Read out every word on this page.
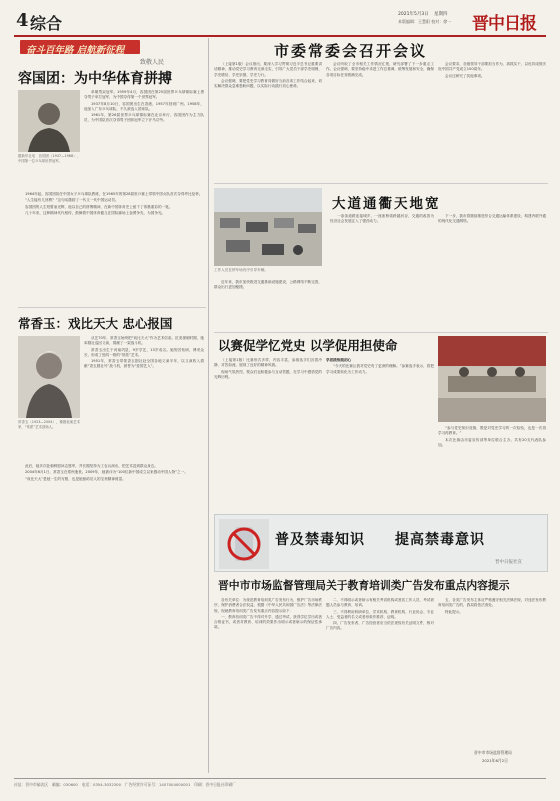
4 综合	2021年5月3日 星期四
本版编辑：王慧阳 校对：徐一 晋中日报
奋斗百年路 启航新征程
致敬人民
容国团：为中华体育拼搏
据新华社电　容国团（1937—1968），中国第一位乒乓球世界冠军。

单刷男双冠军。1959年4月，容国团在第25届世界乒乓球锦标赛上勇夺男子单打冠军，为中国夺得第一个世界冠军。

1937年8月10日，容国团出生在香港，1957年回到广州。1958年，他加入广东乒乓球队，不久被选入国家队。

1961年，第26届世界乒乓球锦标赛在北京举行，容国团作为主力队员，为中国队首次夺得男子团体冠军立下汗马功劳。

1964年起，容国团担任中国女子乒乓球队教练，在1965年的第28届世乒赛上带领中国女队首次夺得考比伦杯。

“人生能有几回搏？”这句话激励了一代又一代中国运动员。

容国团的人生短暂而光辉，他以自己的拼搏精神，在新中国体育史上留下了浓墨重彩的一笔。

几十年来，这种精神代代相传，鼓舞着中国体育健儿在国际赛场上奋勇争先、为国争光。

常香玉：戏比天大 忠心报国
常香玉（1923—2004），豫剧表演艺术家，“常派”艺术创始人。

从艺70年，常香玉始终把“戏比天大”作为艺术信条。抗美援朝时期，她率剧社巡回义演，捐献了一架战斗机。

常香玉出生于河南巩县，9岁学艺，13岁成名。她刻苦钻研，博采众长，形成了独具一格的“常派”艺术。

1951年，常香玉带领香玉剧社赴全国各地义演半年，以义演收入捐献“香玉剧社号”战斗机，被誉为“爱国艺人”。

此后，她多次赴朝鲜慰问志愿军，并长期坚持为工农兵演出，把艺术送到群众身边。

2004年6月1日，常香玉在郑州逝世。2009年，她被评为“100位新中国成立以来感动中国人物”之一。

“戏比天大”是她一生的写照，也是她留给后人的宝贵精神财富。

市委常委会召开会议

（上接第1版）会议指出，要深入学习贯彻习近平总书记重要讲话精神，推动党史学习教育走深走实，引导广大党员干部学史明理、学史增信、学史崇德、学史力行。

会议强调，要把党史学习教育同做好当前各项工作结合起来，切实解决群众急难愁盼问题，以实际行动践行初心使命。

会议听取了全市相关工作情况汇报，研究部署了下一步重点工作。会议强调，要坚持稳中求进工作总基调，统筹发展和安全，确保各项目标任务圆满完成。

会议要求，各级领导干部要担当作为、真抓实干，以优异成绩庆祝中国共产党成立100周年。

会议还研究了其他事项。

工作人员在停车场有序引导车辆。

近年来，我市加快推进交通基础设施建设，公路网络不断完善，群众出行更加便捷。

大道通衢天地宽

一条条道路连接城乡，一座座桥梁跨越河谷，交通的改善为经济社会发展注入了强劲动力。

下一步，我市将继续推进综合交通运输体系建设，构建内联外通的现代化交通网络。

以赛促学忆党史 以学促用担使命

（上接第1版）比赛形式多样，内容丰富，参赛选手们沉着冷静、对答如流，展现了良好的精神风貌。

现场气氛热烈，观众们也积极参与互动答题，在学习中感悟党的光辉历程。

学思践悟践初心

“今天的比赛让我对党史有了更深的理解。”参赛选手表示，将把学习成果转化为工作动力。

“参与党史知识竞赛，既是对党史学习的一次检验，也是一次再学习再教育。”

本次比赛由市委宣传部等单位联合主办，共有20支代表队参加。

普及禁毒知识 提高禁毒意识
晋中日报社宣
晋中市市场监督管理局关于教育培训类广告发布重点内容提示

各有关单位：为规范教育培训类广告发布行为，维护广告市场秩序，保护消费者合法权益，根据《中华人民共和国广告法》等法律法规，现就教育培训类广告发布重点内容提示如下：

一、教育培训类广告不得对升学、通过考试、获得学位学历或者合格证书，或者对教育、培训的效果作出明示或者暗示的保证性承诺。

二、不得明示或者暗示有相关考试机构或者其工作人员、考试命题人员参与教育、培训。

三、不得利用科研单位、学术机构、教育机构、行业协会、专业人士、受益者的名义或者形象作推荐、证明。

四、广告发布者、广告经营者应当依法查验有关证明文件，核对广告内容。

五、各类广告发布主体应严格遵守相关法律法规，对违法发布教育培训类广告的，我局将依法查处。

特此提示。

晋中市市场监督管理局
2021年6月2日
社址：晋中市榆次区　邮编：030600　电话：0354-3032300　广告经营许可证号：1407004000001　印刷：晋中日报社印刷厂
